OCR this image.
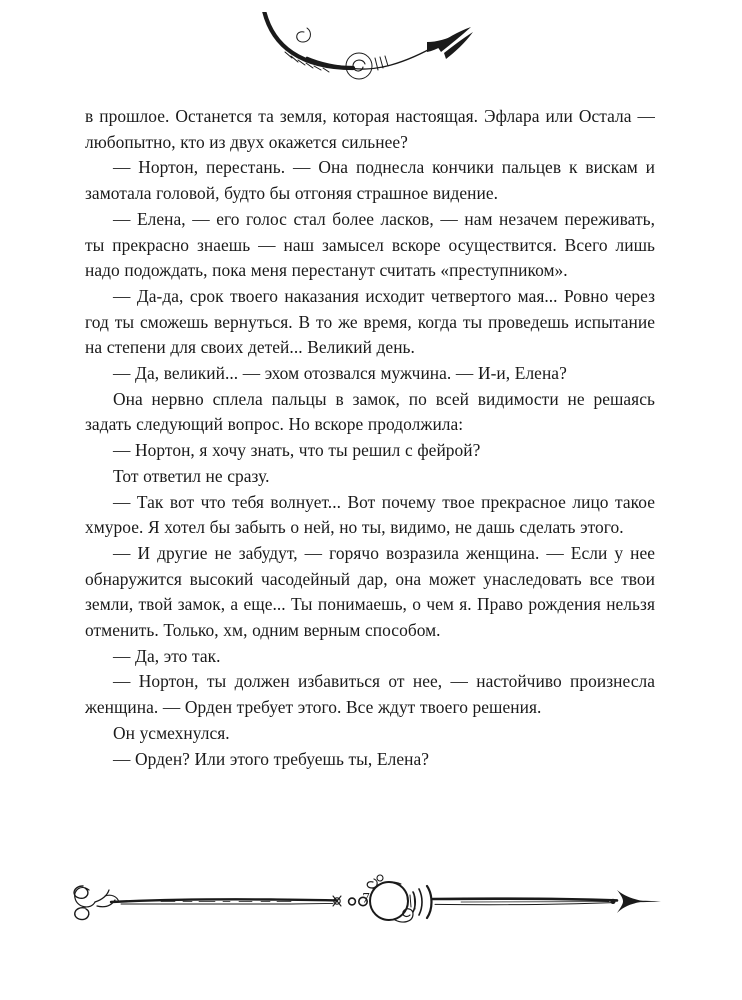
в прошлое. Останется та земля, которая настоящая. Эфлара или Остала — любопытно, кто из двух окажется сильнее?

— Нортон, перестань. — Она поднесла кончики пальцев к вискам и замотала головой, будто бы отгоняя страшное видение.

— Елена, — его голос стал более ласков, — нам незачем переживать, ты прекрасно знаешь — наш замысел вскоре осуществится. Всего лишь надо подождать, пока меня перестанут считать «преступником».

— Да-да, срок твоего наказания исходит четвертого мая... Ровно через год ты сможешь вернуться. В то же время, когда ты проведешь испытание на степени для своих детей... Великий день.

— Да, великий... — эхом отозвался мужчина. — И-и, Елена?

Она нервно сплела пальцы в замок, по всей видимости не решаясь задать следующий вопрос. Но вскоре продолжила:

— Нортон, я хочу знать, что ты решил с фейрой?

Тот ответил не сразу.

— Так вот что тебя волнует... Вот почему твое прекрасное лицо такое хмурое. Я хотел бы забыть о ней, но ты, видимо, не дашь сделать этого.

— И другие не забудут, — горячо возразила женщина. — Если у нее обнаружится высокий часодейный дар, она может унаследовать все твои земли, твой замок, а еще... Ты понимаешь, о чем я. Право рождения нельзя отменить. Только, хм, одним верным способом.

— Да, это так.

— Нортон, ты должен избавиться от нее, — настойчиво произнесла женщина. — Орден требует этого. Все ждут твоего решения.

Он усмехнулся.

— Орден? Или этого требуешь ты, Елена?

7
